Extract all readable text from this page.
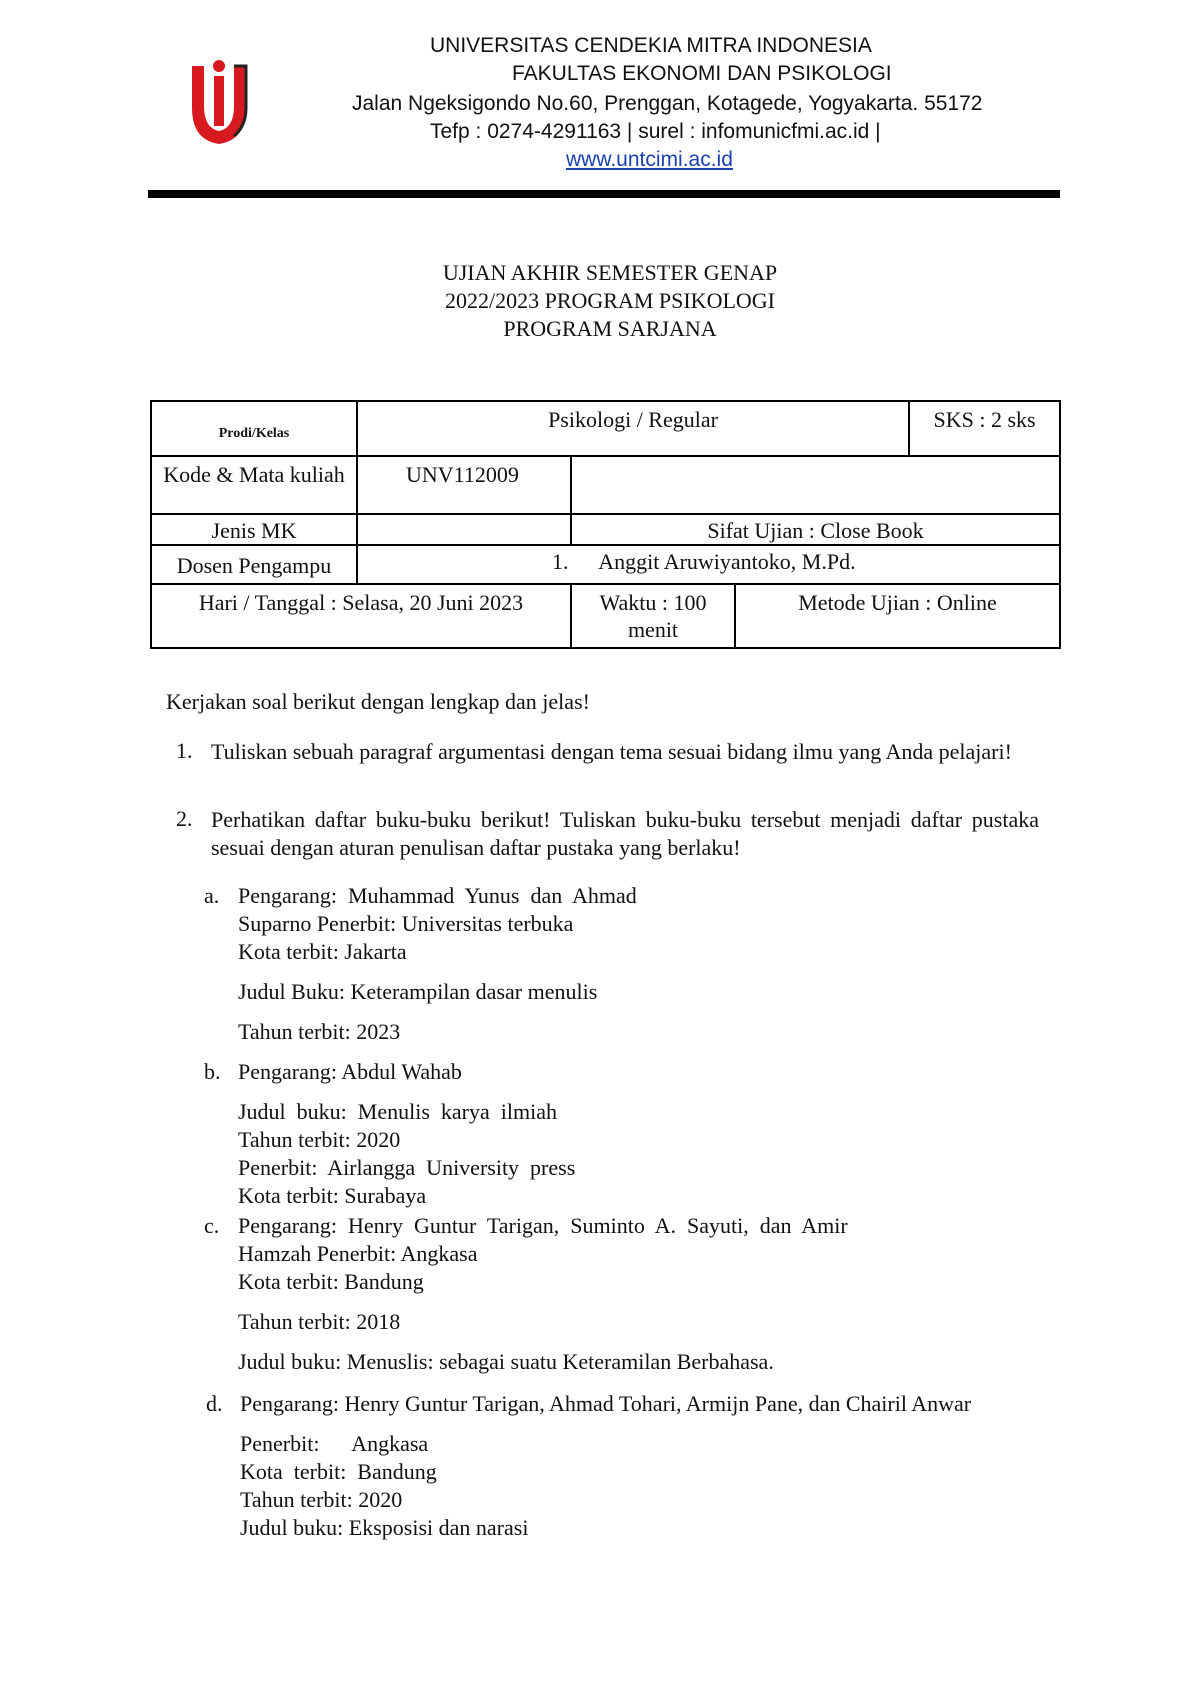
UNIVERSITAS CENDEKIA MITRA INDONESIA
FAKULTAS EKONOMI DAN PSIKOLOGI
Jalan Ngeksigondo No.60, Prenggan, Kotagede, Yogyakarta. 55172
Tefp : 0274-4291163 | surel : infomunicfmi.ac.id |
www.untcimi.ac.id
UJIAN AKHIR SEMESTER GENAP
2022/2023 PROGRAM PSIKOLOGI
PROGRAM SARJANA
Prodi/Kelas	Psikologi / Regular			SKS : 2 sks
Kode & Mata kuliah	UNV112009			
Jenis MK		Sifat Ujian : Close Book		
Dosen Pengampu	1. Anggit Aruwiyantoko, M.Pd.			
Hari / Tanggal : Selasa, 20 Juni 2023		Waktu : 100 menit	Metode Ujian : Online	
Kerjakan soal berikut dengan lengkap dan jelas!
1. Tuliskan sebuah paragraf argumentasi dengan tema sesuai bidang ilmu yang Anda pelajari!
2. Perhatikan daftar buku-buku berikut! Tuliskan buku-buku tersebut menjadi daftar pustaka sesuai dengan aturan penulisan daftar pustaka yang berlaku!
a. Pengarang:  Muhammad  Yunus  dan  Ahmad
Suparno Penerbit: Universitas terbuka
Kota terbit: Jakarta
Judul Buku: Keterampilan dasar menulis
Tahun terbit: 2023
b. Pengarang: Abdul Wahab
Judul  buku:  Menulis  karya  ilmiah
Tahun terbit: 2020
Penerbit:  Airlangga  University  press
Kota terbit: Surabaya
c. Pengarang:  Henry  Guntur  Tarigan,  Suminto  A.  Sayuti,  dan  Amir
Hamzah Penerbit: Angkasa
Kota terbit: Bandung
Tahun terbit: 2018
Judul buku: Menuslis: sebagai suatu Keteramilan Berbahasa.
d. Pengarang: Henry Guntur Tarigan, Ahmad Tohari, Armijn Pane, dan Chairil Anwar
Penerbit:      Angkasa
Kota  terbit:  Bandung
Tahun terbit: 2020
Judul buku: Eksposisi dan narasi
